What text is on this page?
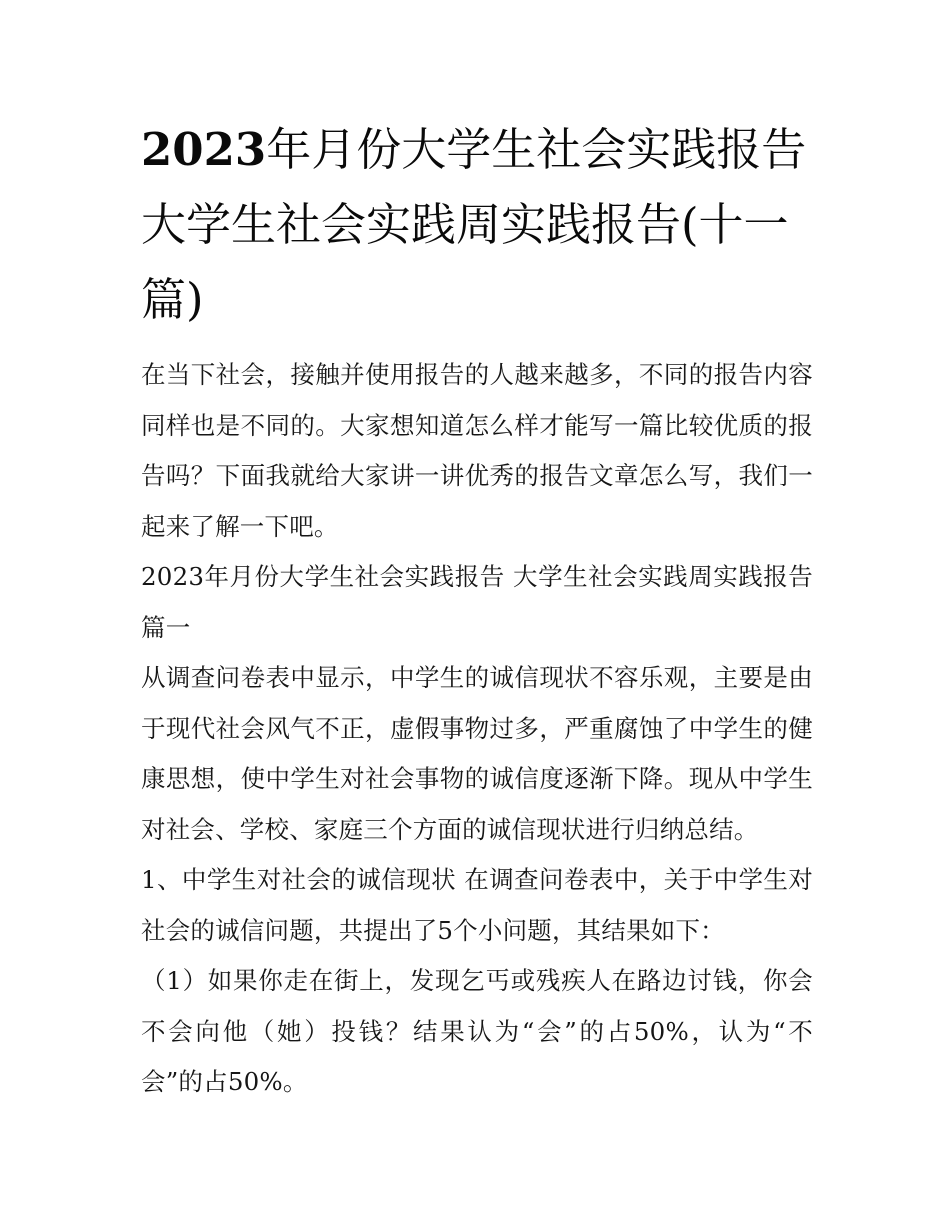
2023年月份大学生社会实践报告 大学生社会实践周实践报告(十一篇)

在当下社会，接触并使用报告的人越来越多，不同的报告内容同样也是不同的。大家想知道怎么样才能写一篇比较优质的报告吗？下面我就给大家讲一讲优秀的报告文章怎么写，我们一起来了解一下吧。

2023年月份大学生社会实践报告 大学生社会实践周实践报告篇一

从调查问卷表中显示，中学生的诚信现状不容乐观，主要是由于现代社会风气不正，虚假事物过多，严重腐蚀了中学生的健康思想，使中学生对社会事物的诚信度逐渐下降。现从中学生对社会、学校、家庭三个方面的诚信现状进行归纳总结。

1、中学生对社会的诚信现状 在调查问卷表中，关于中学生对社会的诚信问题，共提出了5个小问题，其结果如下：

（1）如果你走在街上，发现乞丐或残疾人在路边讨钱，你会不会向他（她）投钱？结果认为“会”的占50%，认为“不会”的占50%。
